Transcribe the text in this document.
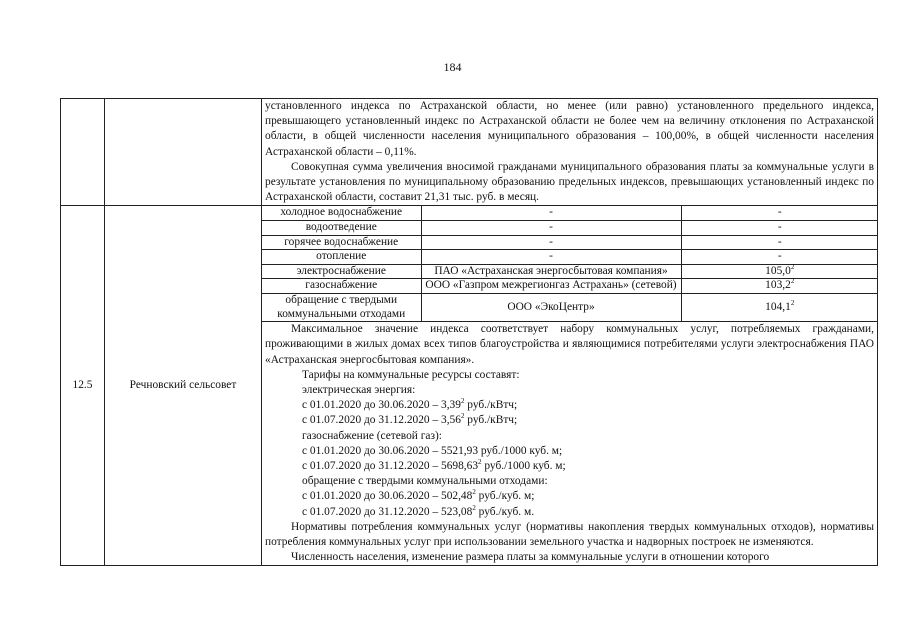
184

установленного индекса по Астраханской области, но менее (или равно) установленного предельного индекса, превышающего установленный индекс по Астраханской области не более чем на величину отклонения по Астраханской области, в общей численности населения муниципального образования – 100,00%, в общей численности населения Астраханской области – 0,11%.

Совокупная сумма увеличения вносимой гражданами муниципального образования платы за коммунальные услуги в результате установления по муниципальному образованию предельных индексов, превышающих установленный индекс по Астраханской области, составит 21,31 тыс. руб. в месяц.

12.5	Речновский сельсовет	
холодное водоснабжение	-	-
водоотведение	-	-
горячее водоснабжение	-	-
отопление	-	-
электроснабжение	ПАО «Астраханская энергосбытовая компания»	105,0$^2$
газоснабжение	ООО «Газпром межрегионгаз Астрахань» (сетевой)	103,2$^2$
обращение с твердыми коммунальными отходами	ООО «ЭкоЦентр»	104,1$^2$

Максимальное значение индекса соответствует набору коммунальных услуг, потребляемых гражданами, проживающими в жилых домах всех типов благоустройства и являющимися потребителями услуги электроснабжения ПАО «Астраханская энергосбытовая компания».

Тарифы на коммунальные ресурсы составят:

электрическая энергия:

с 01.01.2020 до 30.06.2020 – 3,39$^2$ руб./кВтч;

с 01.07.2020 до 31.12.2020 – 3,56$^2$ руб./кВтч;

газоснабжение (сетевой газ):

с 01.01.2020 до 30.06.2020 – 5521,93 руб./1000 куб. м;

с 01.07.2020 до 31.12.2020 – 5698,63$^2$ руб./1000 куб. м;

обращение с твердыми коммунальными отходами:

с 01.01.2020 до 30.06.2020 – 502,48$^2$ руб./куб. м;

с 01.07.2020 до 31.12.2020 – 523,08$^2$ руб./куб. м.

Нормативы потребления коммунальных услуг (нормативы накопления твердых коммунальных отходов), нормативы потребления коммунальных услуг при использовании земельного участка и надворных построек не изменяются.

Численность населения, изменение размера платы за коммунальные услуги в отношении которого
